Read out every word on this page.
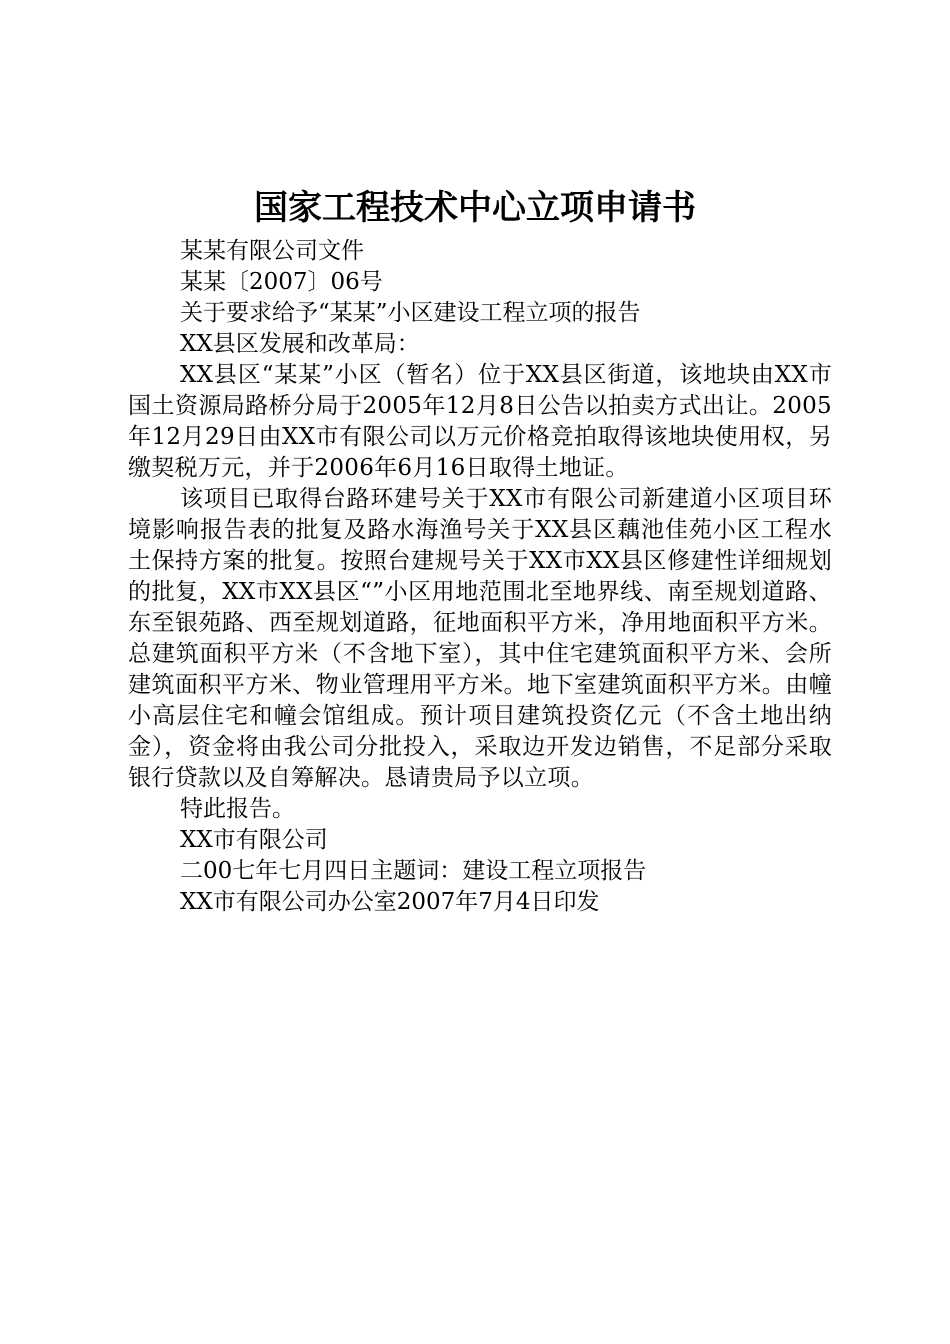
国家工程技术中心立项申请书

某某有限公司文件

某某〔2007〕06号

关于要求给予“某某”小区建设工程立项的报告

XX县区发展和改革局：

XX县区“某某”小区（暂名）位于XX县区街道，该地块由XX市国土资源局路桥分局于2005年12月8日公告以拍卖方式出让。2005年12月29日由XX市有限公司以万元价格竞拍取得该地块使用权，另缴契税万元，并于2006年6月16日取得土地证。

该项目已取得台路环建号关于XX市有限公司新建道小区项目环境影响报告表的批复及路水海渔号关于XX县区藕池佳苑小区工程水土保持方案的批复。按照台建规号关于XX市XX县区修建性详细规划的批复，XX市XX县区“”小区用地范围北至地界线、南至规划道路、东至银苑路、西至规划道路，征地面积平方米，净用地面积平方米。总建筑面积平方米（不含地下室），其中住宅建筑面积平方米、会所建筑面积平方米、物业管理用平方米。地下室建筑面积平方米。由幢小高层住宅和幢会馆组成。预计项目建筑投资亿元（不含土地出纳金），资金将由我公司分批投入，采取边开发边销售，不足部分采取银行贷款以及自筹解决。恳请贵局予以立项。

特此报告。

XX市有限公司

二00七年七月四日主题词：建设工程立项报告

XX市有限公司办公室2007年7月4日印发
